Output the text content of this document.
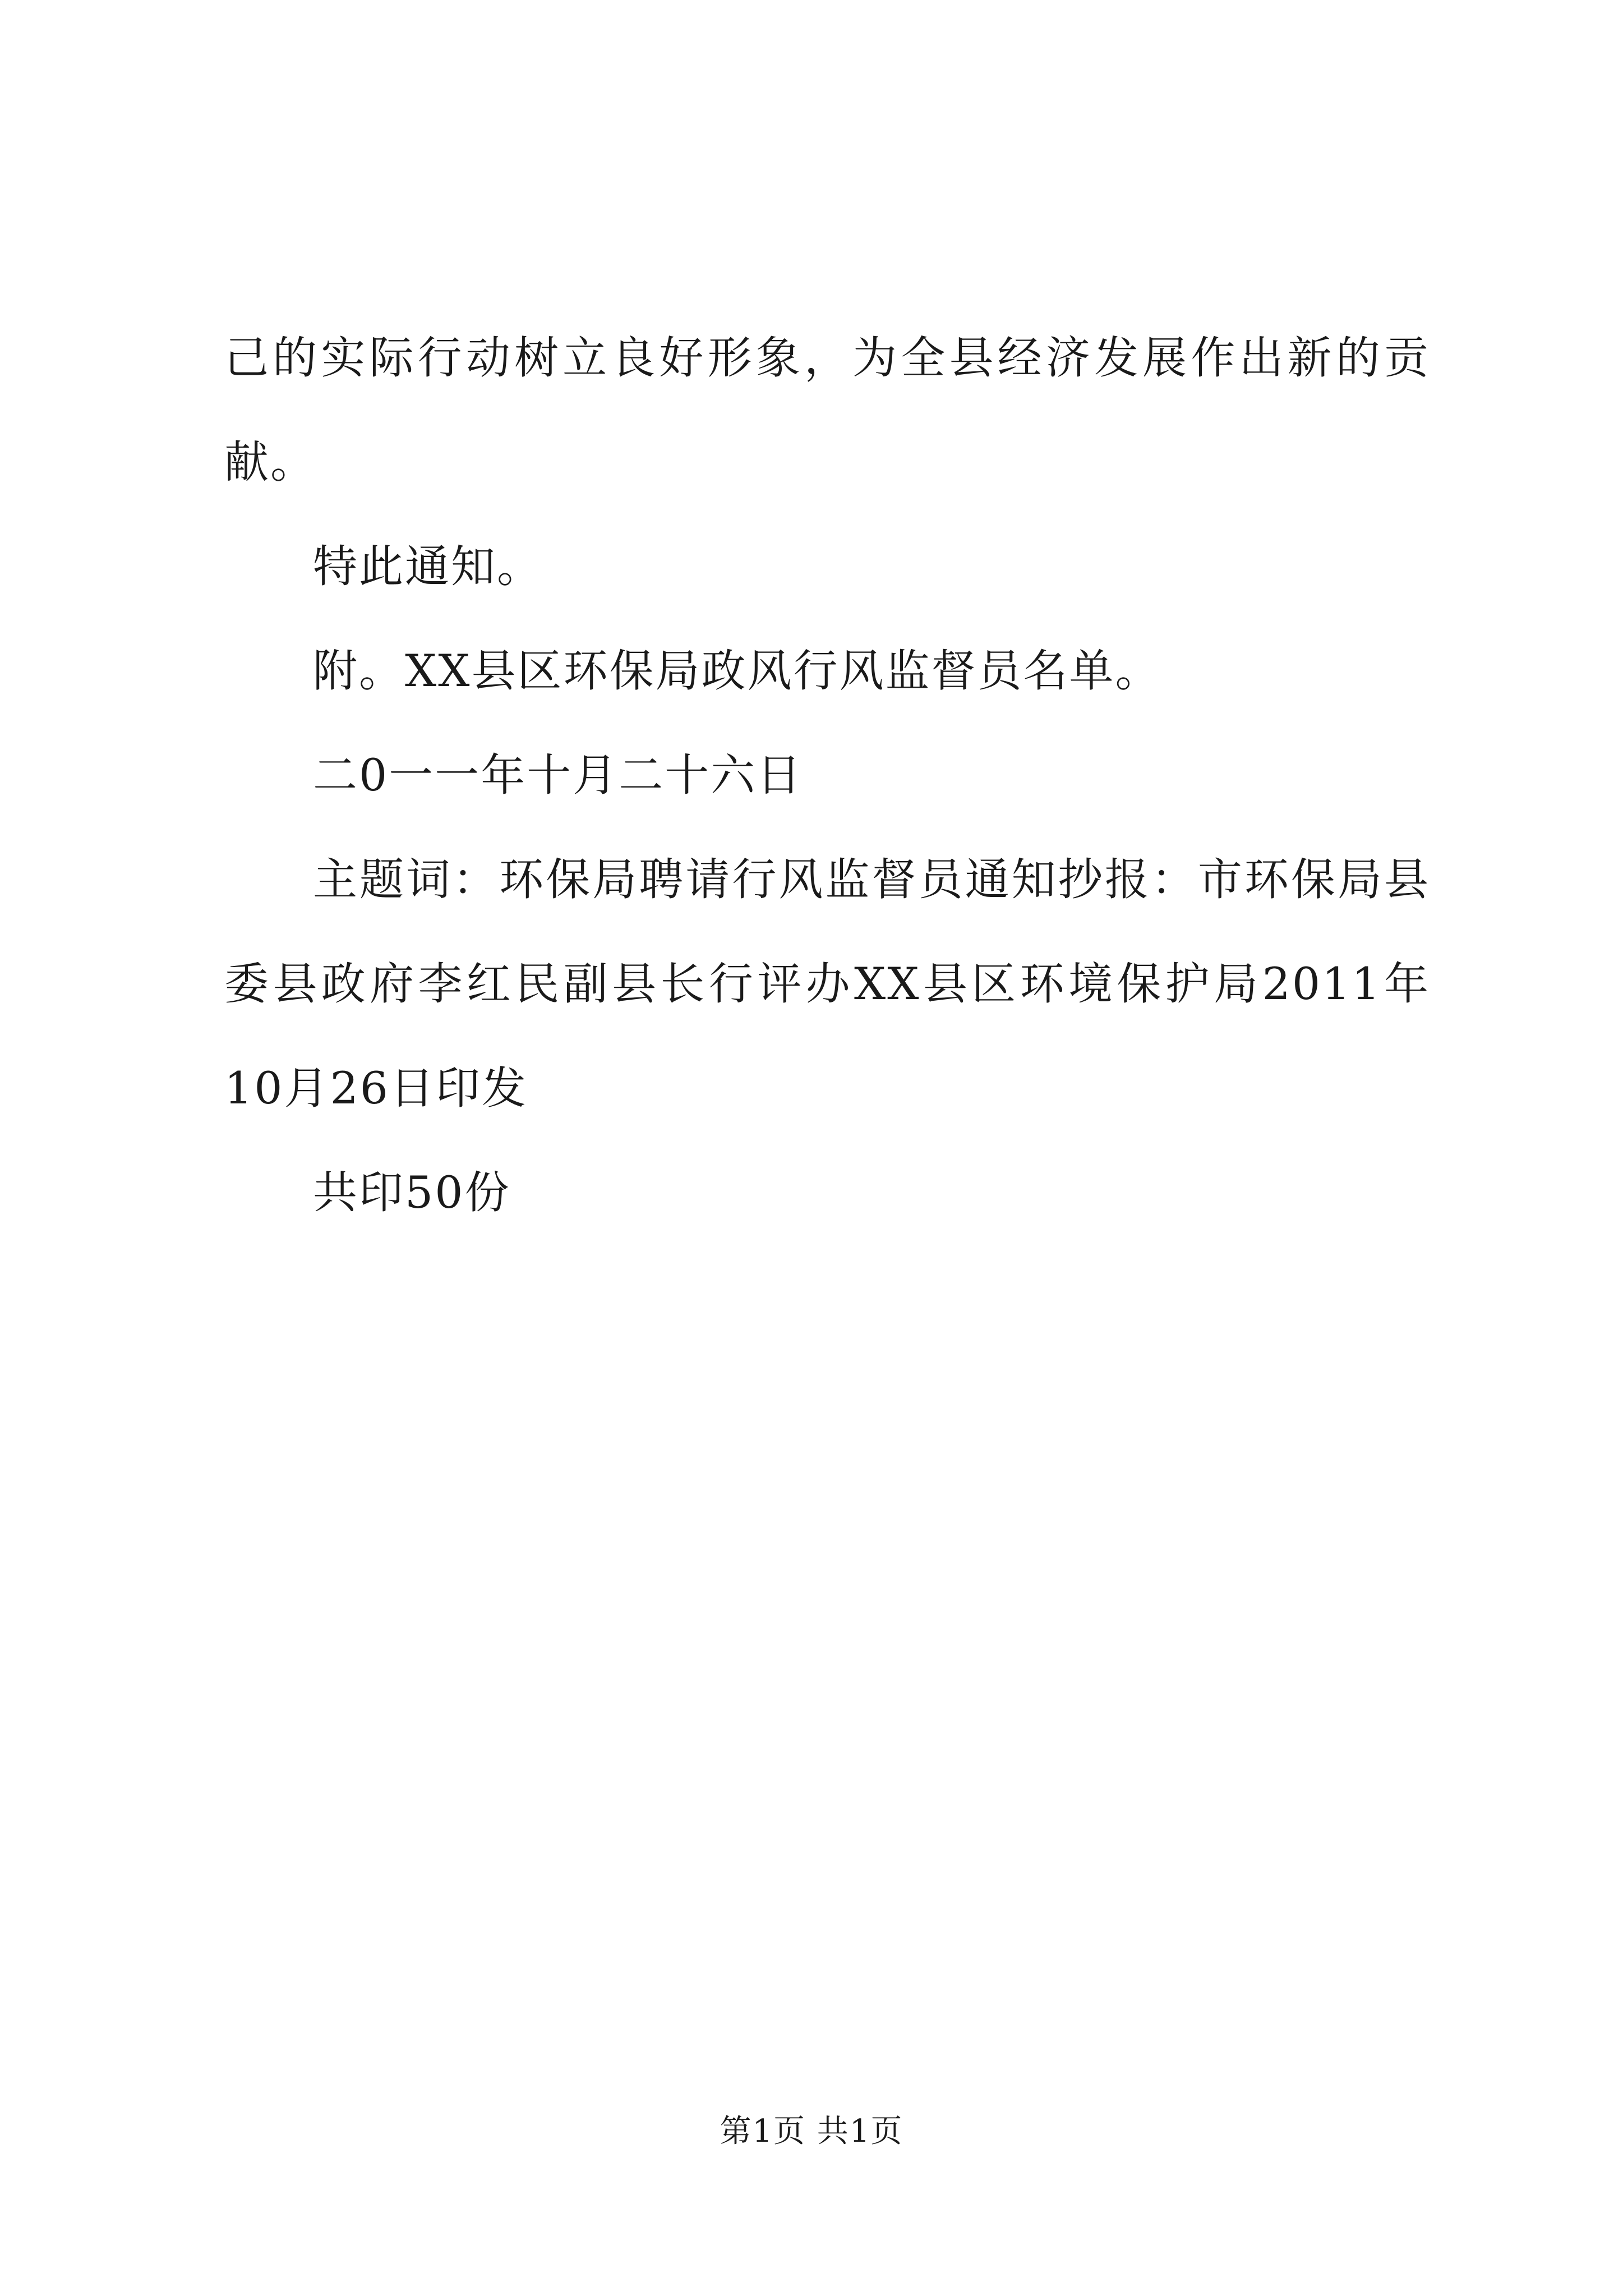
己的实际行动树立良好形象，为全县经济发展作出新的贡献。

特此通知。

附。XX县区环保局政风行风监督员名单。

二0一一年十月二十六日

主题词：环保局聘请行风监督员通知抄报：市环保局县委县政府李红民副县长行评办XX县区环境保护局2011年10月26日印发

共印50份

第1页 共1页
